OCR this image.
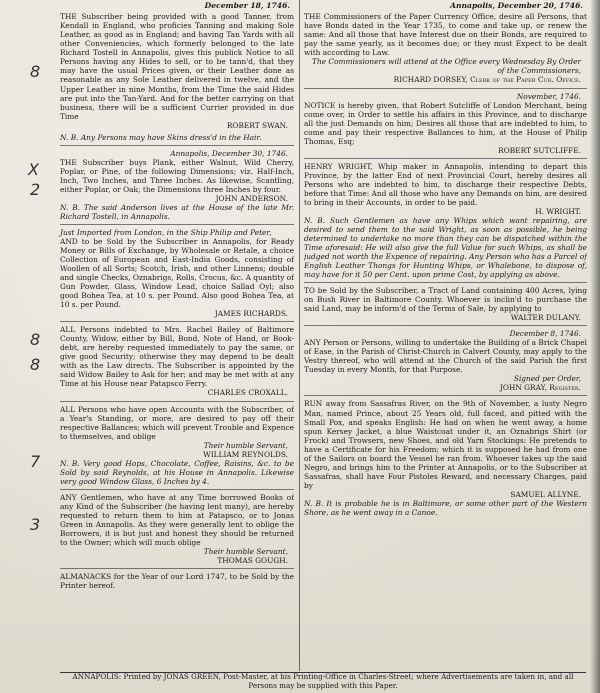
December 18, 1746.

THE Subscriber being provided with a good Tanner, from Kendall in England, who proficies Tanning and making Sole Leather, as good as in England; and having Tan Yards with all other Conveniencies, which formerly belonged to the late Richard Tostell in Annapolis, gives this publick Notice to all Persons having any Hides to sell, or to be tann'd, that they may have the usual Prices given, or their Leather done as reasonable as any Sole Leather delivered in twelve, and the Upper Leather in nine Months, from the Time the said Hides are put into the Tan-Yard. And for the better carrying on that business, there will be a sufficient Currier provided in due Time

ROBERT SWAN.
N. B. Any Persons may have Skins dress'd in the Hair.
Annapolis, December 30, 1746.

THE Subscriber buys Plank, either Walnut, Wild Cherry, Poplar, or Pine, of the following Dimensions; viz. Half-Inch, Inch, Two Inches, and Three Inches. As likewise, Scantling, either Poplar, or Oak; the Dimensions three Inches by four.

JOHN ANDERSON.
N. B. The said Anderson lives at the House of the late Mr. Richard Tostell, in Annapolis.
Just Imported from London, in the Ship Philip and Peter,

AND to be Sold by the Subscriber in Annapolis, for Ready Money or Bills of Exchange, by Wholesale or Retale, a choice Collection of European and East-India Goods, consisting of Woollen of all Sorts; Scotch, Irish, and other Linnens; double and single Checks, Oznabrigs, Rolls, Crocus, &c. A quantity of Gun Powder, Glass, Window Lead, choice Sallad Oyl; also good Bohea Tea, at 10 s. per Pound. Also good Bohea Tea, at 10 s. per Pound.

JAMES RICHARDS.

ALL Persons indebted to Mrs. Rachel Bailey of Baltimore County, Widow, either by Bill, Bond, Note of Hand, or Book-debt, are hereby requested immediately to pay the same, or give good Security; otherwise they may depend to be dealt with as the Law directs. The Subscriber is appointed by the said Widow Bailey to Ask for her; and may be met with at any Time at his House near Patapsco Ferry.

CHARLES CROXALL.

ALL Persons who have open Accounts with the Subscriber, of a Year's Standing, or more, are desired to pay off their respective Ballances; which will prevent Trouble and Expence to themselves, and oblige

Their humble Servant,
WILLIAM REYNOLDS.
N. B. Very good Hops, Chocolate, Coffee, Raisins, &c. to be Sold by said Reynolds, at his House in Annapolis. Likewise very good Window Glass, 6 Inches by 4.

ANY Gentlemen, who have at any Time borrowed Books of any Kind of the Subscriber (he having lent many), are hereby requested to return them to him at Patapsco, or to Jonas Green in Annapolis. As they were generally lent to oblige the Borrowers, it is but just and honest they should be returned to the Owner; which will much oblige

Their humble Servant,
THOMAS GOUGH.
ALMANACKS for the Year of our Lord 1747, to be Sold by the Printer hereof.
Annapolis, December 20, 1746.

THE Commissioners of the Paper Currency Office, desire all Persons, that have Bonds dated in the Year 1735, to come and take up, or renew the same: And all those that have Interest due on their Bonds, are required to pay the same yearly, as it becomes due; or they must Expect to be dealt with according to Law.

The Commissioners will attend at the Office every Wednesday By Order of the Commissioners,
RICHARD DORSEY, Clerk of the Paper Cur. Office.
November, 1746.

NOTICE is hereby given, that Robert Sutcliffe of London Merchant, being come over, in Order to settle his affairs in this Province, and to discharge all the just Demands on him; Desires all those that are indebted to him, to come and pay their respective Ballances to him, at the House of Philip Thomas, Esq;

ROBERT SUTCLIFFE.

HENRY WRIGHT, Whip maker in Annapolis, intending to depart this Province, by the latter End of next Provincial Court, hereby desires all Persons who are indebted to him, to discharge their respective Debts, before that Time: And all those who have any Demands on him, are desired to bring in their Accounts, in order to be paid.

H. WRIGHT.
N. B. Such Gentlemen as have any Whips which want repairing, are desired to send them to the said Wright, as soon as possible, he being determined to undertake no more than they can be dispatched within the Time aforesaid: He will also give the full Value for such Whips, as shall be judged not worth the Expence of repairing. Any Person who has a Parcel of English Leather Thongs for Hunting Whips, or Whalebone, to dispose of, may have for it 50 per Cent. upon prime Cost, by applying as above.

TO be Sold by the Subscriber, a Tract of Land containing 400 Acres, lying on Bush River in Baltimore County. Whoever is inclin'd to purchase the said Land, may be inform'd of the Terms of Sale, by applying to

WALTER DULANY.
December 8, 1746.

ANY Person or Persons, willing to undertake the Building of a Brick Chapel of Ease, in the Parish of Christ-Church in Calvert County, may apply to the Vestry thereof, who will attend at the Church of the said Parish the first Tuesday in every Month, for that Purpose.

Signed per Order,
JOHN GRAY, Register.

RUN away from Sassafras River, on the 9th of November, a lusty Negro Man, named Prince, about 25 Years old, full faced, and pitted with the Small Pox, and speaks English: He had on when he went away, a home spun Kersey Jacket, a blue Waistcoat under it, an Oznabrigs Shirt (or Frock) and Trowsers, new Shoes, and old Yarn Stockings: He pretends to have a Certificate for his Freedom; which it is supposed he had from one of the Sailors on board the Vessel he ran from. Whoever takes up the said Negro, and brings him to the Printer at Annapolis, or to the Subscriber at Sassafras, shall have Four Pistoles Reward, and necessary Charges, paid by

SAMUEL ALLYNE.
N. B. It is probable he is in Baltimore, or some other part of the Western Shore, as he went away in a Canoe.
8
X
2
8
8
7
3
ANNAPOLIS: Printed by JONAS GREEN, Post-Master, at his Printing-Office in Charles-Street; where Advertisements are taken in, and all Persons may be supplied with this Paper.
